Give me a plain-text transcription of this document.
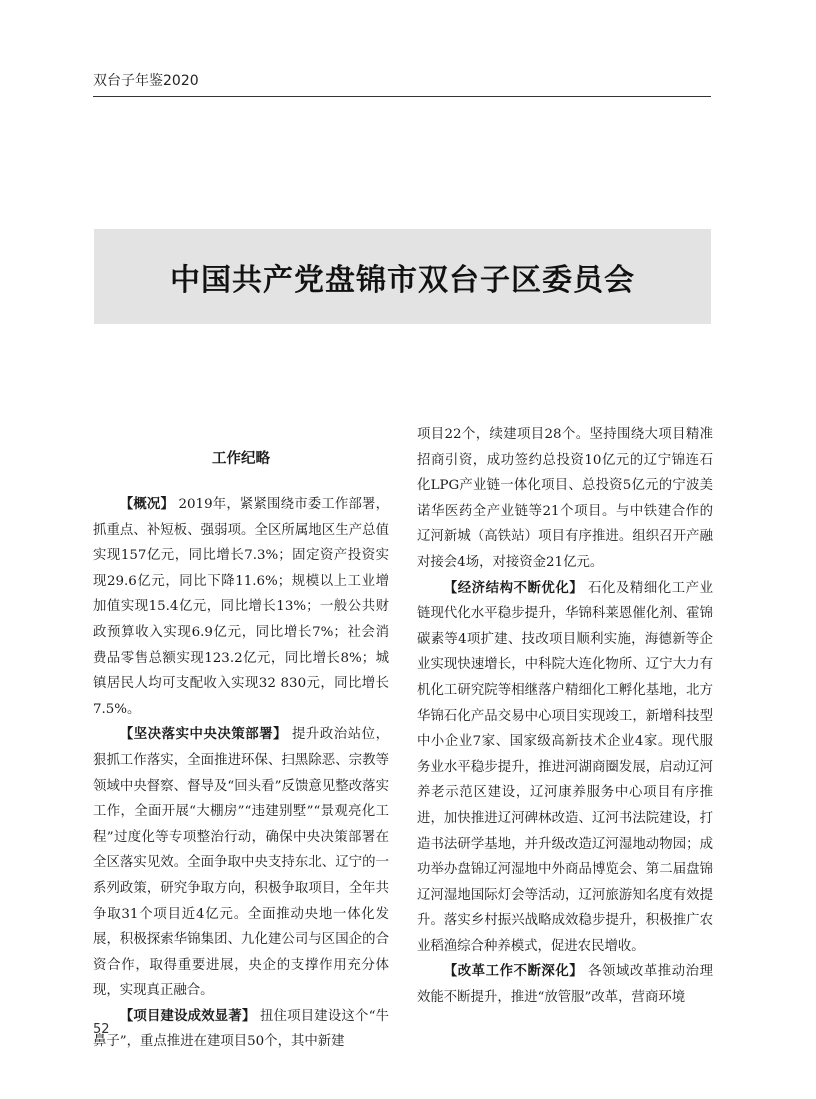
双台子年鉴2020
中国共产党盘锦市双台子区委员会
工作纪略

【概况】 2019年，紧紧围绕市委工作部署，抓重点、补短板、强弱项。全区所属地区生产总值实现157亿元，同比增长7.3%；固定资产投资实现29.6亿元，同比下降11.6%；规模以上工业增加值实现15.4亿元，同比增长13%；一般公共财政预算收入实现6.9亿元，同比增长7%；社会消费品零售总额实现123.2亿元，同比增长8%；城镇居民人均可支配收入实现32 830元，同比增长7.5%。

【坚决落实中央决策部署】 提升政治站位，狠抓工作落实，全面推进环保、扫黑除恶、宗教等领域中央督察、督导及“回头看”反馈意见整改落实工作，全面开展“大棚房”“违建别墅”“景观亮化工程”过度化等专项整治行动，确保中央决策部署在全区落实见效。全面争取中央支持东北、辽宁的一系列政策，研究争取方向，积极争取项目，全年共争取31个项目近4亿元。全面推动央地一体化发展，积极探索华锦集团、九化建公司与区国企的合资合作，取得重要进展，央企的支撑作用充分体现，实现真正融合。

【项目建设成效显著】 扭住项目建设这个“牛鼻子”，重点推进在建项目50个，其中新建

项目22个，续建项目28个。坚持围绕大项目精准招商引资，成功签约总投资10亿元的辽宁锦连石化LPG产业链一体化项目、总投资5亿元的宁波美诺华医药全产业链等21个项目。与中铁建合作的辽河新城（高铁站）项目有序推进。组织召开产融对接会4场，对接资金21亿元。

【经济结构不断优化】 石化及精细化工产业链现代化水平稳步提升，华锦科莱恩催化剂、霍锦碳素等4项扩建、技改项目顺利实施，海德新等企业实现快速增长，中科院大连化物所、辽宁大力有机化工研究院等相继落户精细化工孵化基地，北方华锦石化产品交易中心项目实现竣工，新增科技型中小企业7家、国家级高新技术企业4家。现代服务业水平稳步提升，推进河湖商圈发展，启动辽河养老示范区建设，辽河康养服务中心项目有序推进，加快推进辽河碑林改造、辽河书法院建设，打造书法研学基地，并升级改造辽河湿地动物园；成功举办盘锦辽河湿地中外商品博览会、第二届盘锦辽河湿地国际灯会等活动，辽河旅游知名度有效提升。落实乡村振兴战略成效稳步提升，积极推广农业稻渔综合种养模式，促进农民增收。

【改革工作不断深化】 各领域改革推动治理效能不断提升，推进“放管服”改革，营商环境

52
